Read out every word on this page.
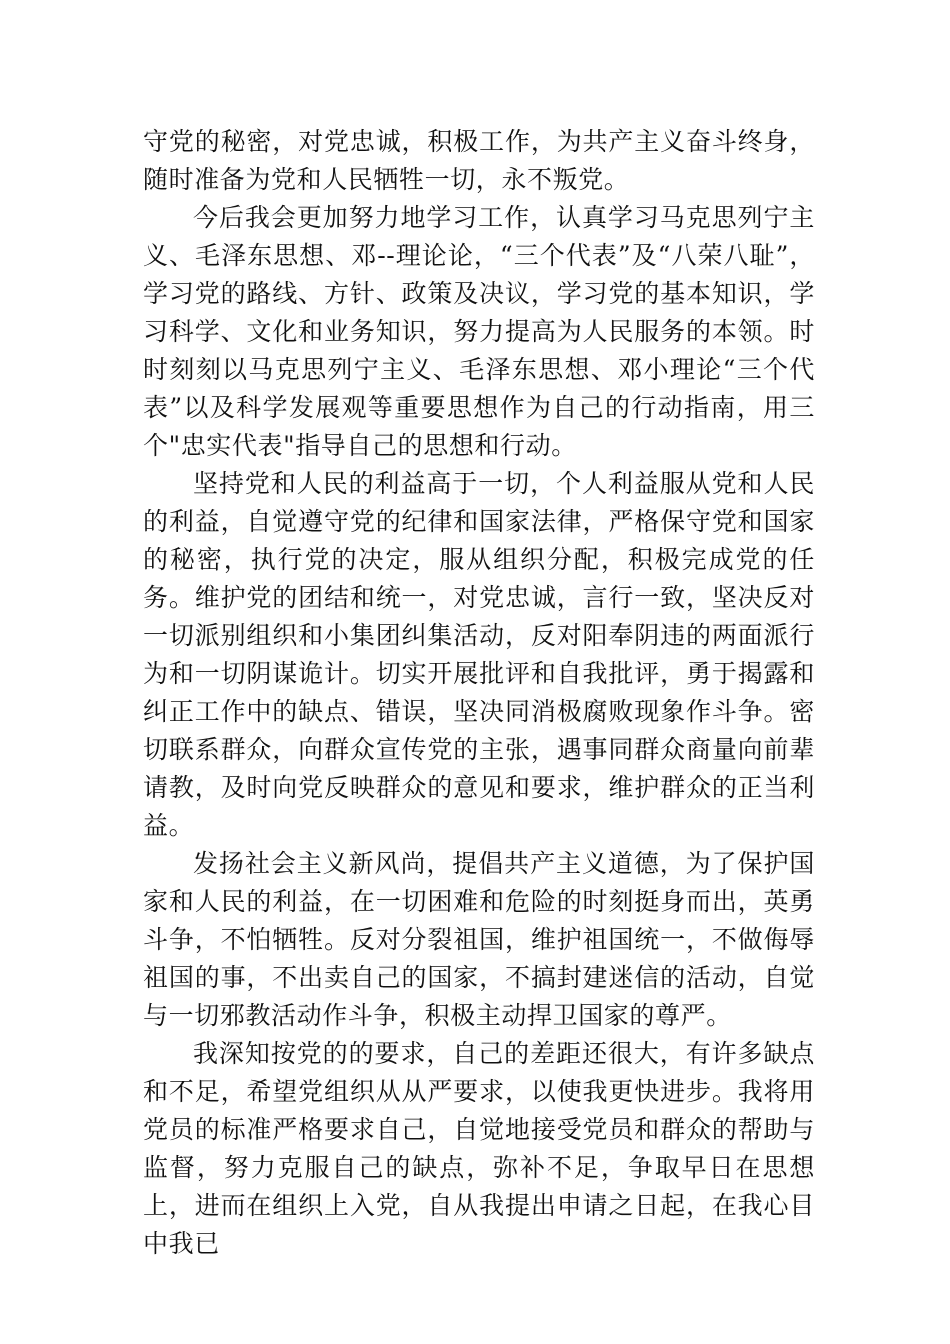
守党的秘密，对党忠诚，积极工作，为共产主义奋斗终身，随时准备为党和人民牺牲一切，永不叛党。

今后我会更加努力地学习工作，认真学习马克思列宁主义、毛泽东思想、邓--理论论，“三个代表”及“八荣八耻”，学习党的路线、方针、政策及决议，学习党的基本知识，学习科学、文化和业务知识，努力提高为人民服务的本领。时时刻刻以马克思列宁主义、毛泽东思想、邓小理论“三个代表”以及科学发展观等重要思想作为自己的行动指南，用三个"忠实代表"指导自己的思想和行动。

坚持党和人民的利益高于一切，个人利益服从党和人民的利益，自觉遵守党的纪律和国家法律，严格保守党和国家的秘密，执行党的决定，服从组织分配，积极完成党的任务。维护党的团结和统一，对党忠诚，言行一致，坚决反对一切派别组织和小集团纠集活动，反对阳奉阴违的两面派行为和一切阴谋诡计。切实开展批评和自我批评，勇于揭露和纠正工作中的缺点、错误，坚决同消极腐败现象作斗争。密切联系群众，向群众宣传党的主张，遇事同群众商量向前辈请教，及时向党反映群众的意见和要求，维护群众的正当利益。

发扬社会主义新风尚，提倡共产主义道德，为了保护国家和人民的利益，在一切困难和危险的时刻挺身而出，英勇斗争，不怕牺牲。反对分裂祖国，维护祖国统一，不做侮辱祖国的事，不出卖自己的国家，不搞封建迷信的活动，自觉与一切邪教活动作斗争，积极主动捍卫国家的尊严。

我深知按党的的要求，自己的差距还很大，有许多缺点和不足，希望党组织从从严要求，以使我更快进步。我将用党员的标准严格要求自己，自觉地接受党员和群众的帮助与监督，努力克服自己的缺点，弥补不足，争取早日在思想上，进而在组织上入党，自从我提出申请之日起，在我心目中我已
